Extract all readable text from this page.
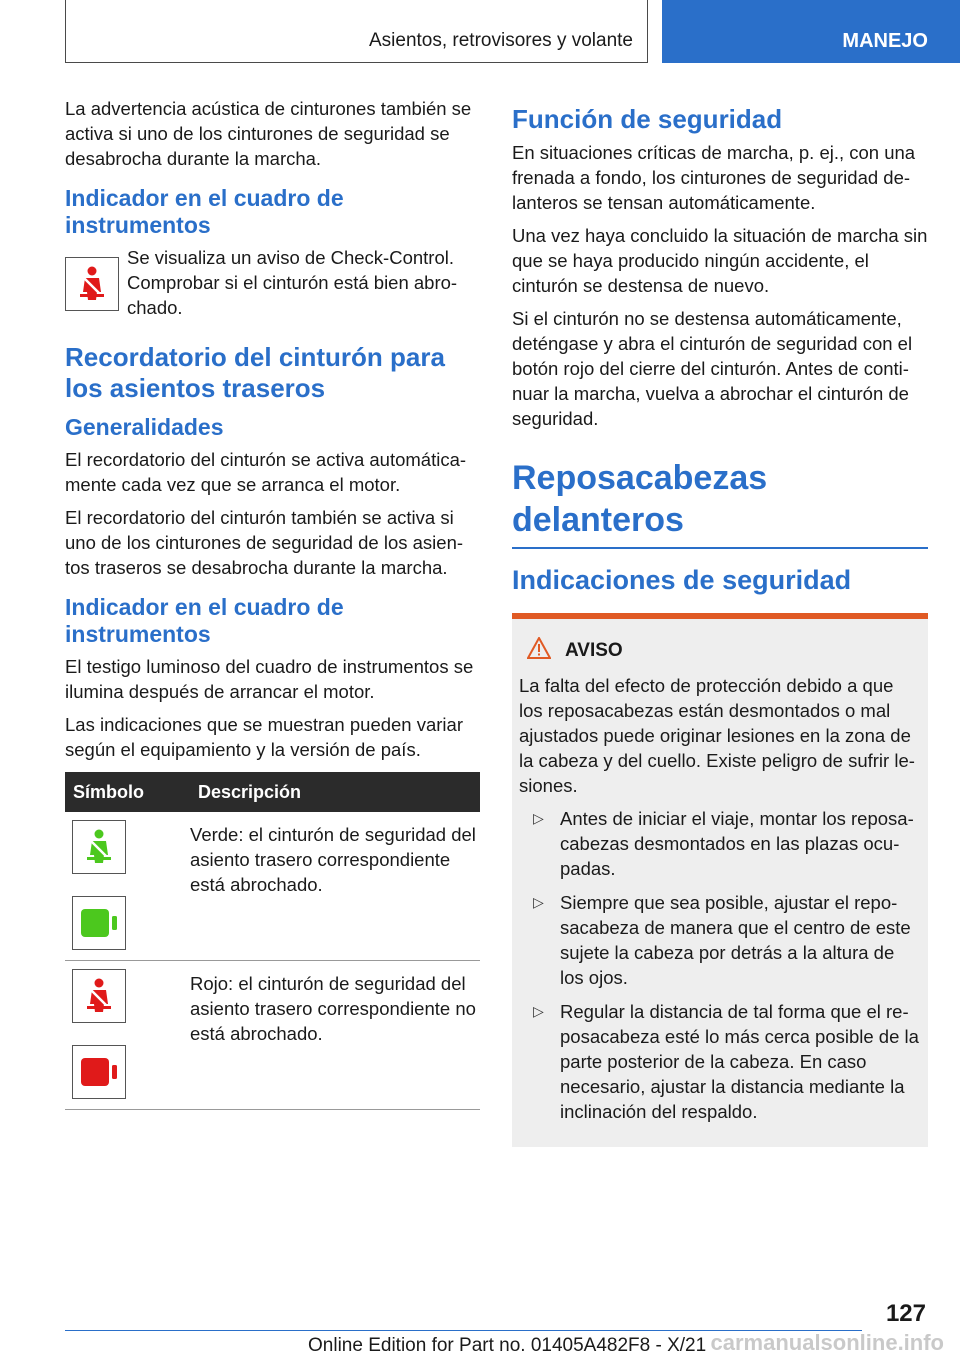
Asientos, retrovisores y volante	MANEJO

La advertencia acústica de cinturones también se activa si uno de los cinturones de seguridad se desabrocha durante la marcha.

Indicador en el cuadro de instrumentos

Se visualiza un aviso de Check-Control. Comprobar si el cinturón está bien abrochado.

Recordatorio del cinturón para los asientos traseros
Generalidades

El recordatorio del cinturón se activa automáticamente cada vez que se arranca el motor.

El recordatorio del cinturón también se activa si uno de los cinturones de seguridad de los asientos traseros se desabrocha durante la marcha.

Indicador en el cuadro de instrumentos

El testigo luminoso del cuadro de instrumentos se ilumina después de arrancar el motor.

Las indicaciones que se muestran pueden variar según el equipamiento y la versión de país.

Símbolo	Descripción
Verde: el cinturón de seguridad del asiento trasero correspondiente está abrochado.
Rojo: el cinturón de seguridad del asiento trasero correspondiente no está abrochado.
Función de seguridad

En situaciones críticas de marcha, p. ej., con una frenada a fondo, los cinturones de seguridad delanteros se tensan automáticamente.

Una vez haya concluido la situación de marcha sin que se haya producido ningún accidente, el cinturón se destensa de nuevo.

Si el cinturón no se destensa automáticamente, deténgase y abra el cinturón de seguridad con el botón rojo del cierre del cinturón. Antes de continuar la marcha, vuelva a abrochar el cinturón de seguridad.

Reposacabezas delanteros
Indicaciones de seguridad
AVISO

La falta del efecto de protección debido a que los reposacabezas están desmontados o mal ajustados puede originar lesiones en la zona de la cabeza y del cuello. Existe peligro de sufrir lesiones.

▷ Antes de iniciar el viaje, montar los reposacabezas desmontados en las plazas ocupadas.
▷ Siempre que sea posible, ajustar el reposacabeza de manera que el centro de este sujete la cabeza por detrás a la altura de los ojos.
▷ Regular la distancia de tal forma que el reposacabeza esté lo más cerca posible de la parte posterior de la cabeza. En caso necesario, ajustar la distancia mediante la inclinación del respaldo.
127
Online Edition for Part no. 01405A482F8 - X/21 carmanualsonline.info
